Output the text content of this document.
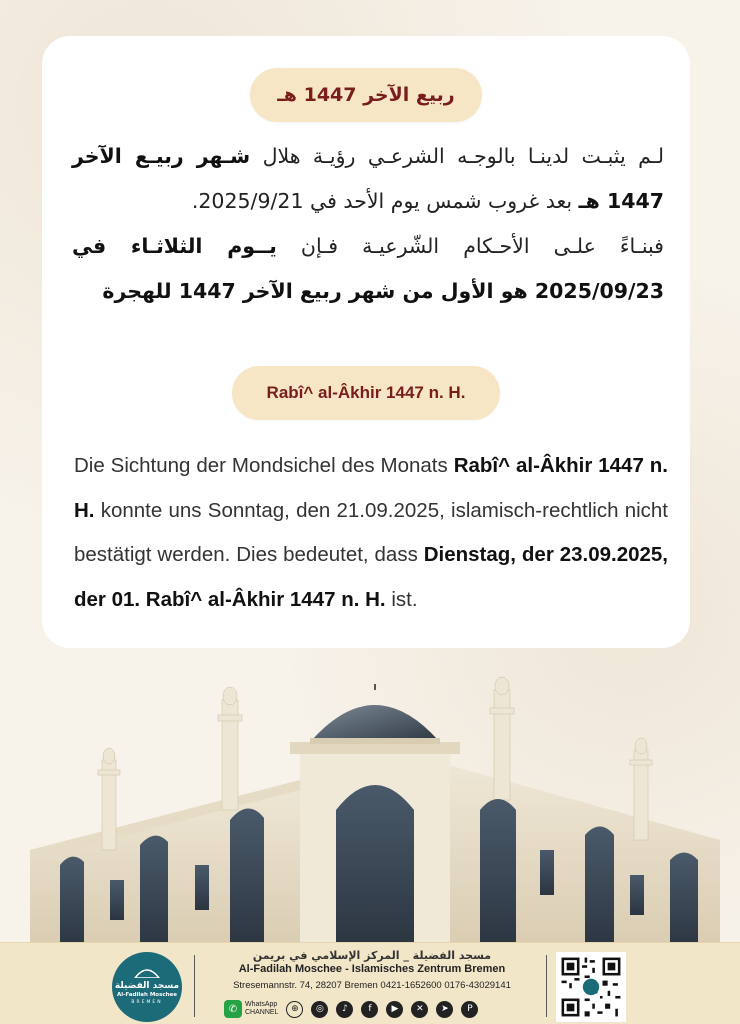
ربيع الآخر 1447 هـ
لـم يثبـت لدينـا بالوجـه الشرعـي رؤيـة هلال شـهر ربيـع الآخر 1447 هـ بعد غروب شمس يوم الأحد في 2025/9/21.
فبنـاءً علـى الأحـكام الشّرعيـة فـإن يــوم الثلاثـاء في 2025/09/23 هو الأول من شهر ربيع الآخر 1447 للهجرة
Rabî^ al-Âkhir 1447 n. H.
Die Sichtung der Mondsichel des Monats Rabî^ al-Âkhir 1447 n. H. konnte uns Sonntag, den 21.09.2025, islamisch-rechtlich nicht bestätigt werden. Dies bedeutet, dass Dienstag, der 23.09.2025, der 01. Rabî^ al-Âkhir 1447 n. H. ist.
مسجد الفضيلة
Al-Fadilah Moschee
BREMEN
مسجد الفضيلة _ المركز الإسلامي في بريمن
Al-Fadilah Moschee - Islamisches Zentrum Bremen
Stresemannstr. 74, 28207 Bremen 0421-1652600 0176-43029141
✆	WhatsApp
CHANNEL	⊕	◎	♪	f	▶	✕	➤	P
